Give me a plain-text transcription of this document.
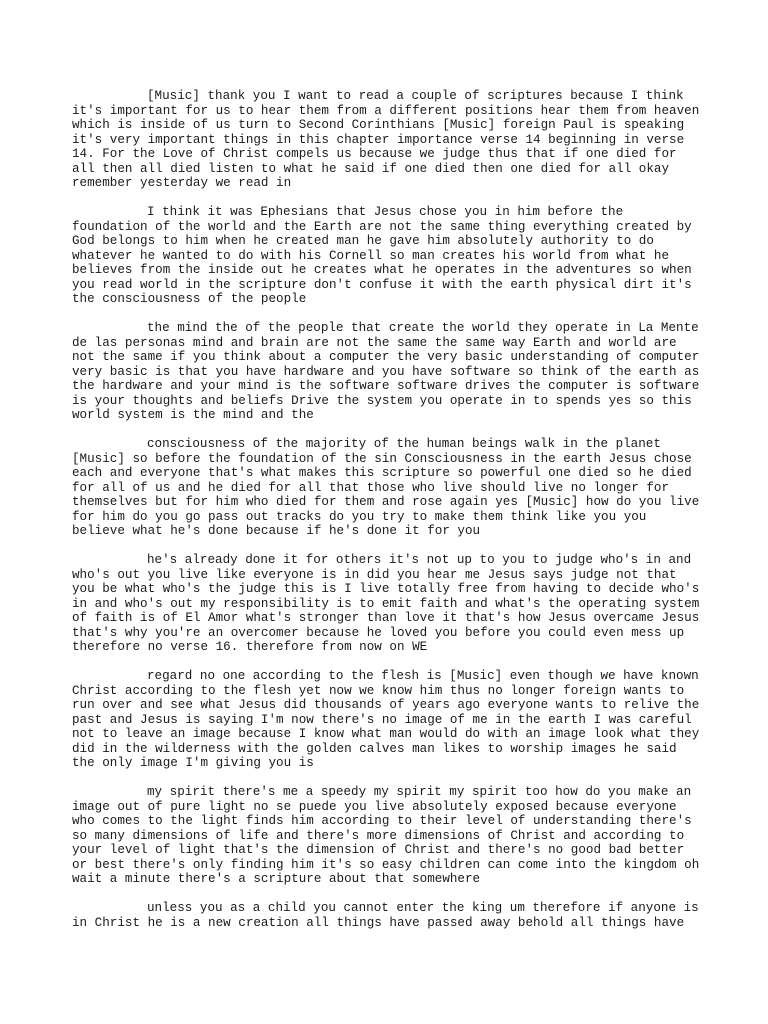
[Music] thank you I want to read a couple of scriptures because I think it's important for us to hear them from a different positions hear them from heaven which is inside of us turn to Second Corinthians [Music] foreign Paul is speaking it's very important things in this chapter importance verse 14 beginning in verse 14. For the Love of Christ compels us because we judge thus that if one died for all then all died listen to what he said if one died then one died for all okay remember yesterday we read in

I think it was Ephesians that Jesus chose you in him before the foundation of the world and the Earth are not the same thing everything created by God belongs to him when he created man he gave him absolutely authority to do whatever he wanted to do with his Cornell so man creates his world from what he believes from the inside out he creates what he operates in the adventures so when you read world in the scripture don't confuse it with the earth physical dirt it's the consciousness of the people

the mind the of the people that create the world they operate in La Mente de las personas mind and brain are not the same the same way Earth and world are not the same if you think about a computer the very basic understanding of computer very basic is that you have hardware and you have software so think of the earth as the hardware and your mind is the software software drives the computer is software is your thoughts and beliefs Drive the system you operate in to spends yes so this world system is the mind and the

consciousness of the majority of the human beings walk in the planet [Music] so before the foundation of the sin Consciousness in the earth Jesus chose each and everyone that's what makes this scripture so powerful one died so he died for all of us and he died for all that those who live should live no longer for themselves but for him who died for them and rose again yes [Music] how do you live for him do you go pass out tracks do you try to make them think like you you believe what he's done because if he's done it for you

he's already done it for others it's not up to you to judge who's in and who's out you live like everyone is in did you hear me Jesus says judge not that you be what who's the judge this is I live totally free from having to decide who's in and who's out my responsibility is to emit faith and what's the operating system of faith is of El Amor what's stronger than love it that's how Jesus overcame Jesus that's why you're an overcomer because he loved you before you could even mess up therefore no verse 16. therefore from now on WE

regard no one according to the flesh is [Music] even though we have known Christ according to the flesh yet now we know him thus no longer foreign wants to run over and see what Jesus did thousands of years ago everyone wants to relive the past and Jesus is saying I'm now there's no image of me in the earth I was careful not to leave an image because I know what man would do with an image look what they did in the wilderness with the golden calves man likes to worship images he said the only image I'm giving you is

my spirit there's me a speedy my spirit my spirit too how do you make an image out of pure light no se puede you live absolutely exposed because everyone who comes to the light finds him according to their level of understanding there's so many dimensions of life and there's more dimensions of Christ and according to your level of light that's the dimension of Christ and there's no good bad better or best there's only finding him it's so easy children can come into the kingdom oh wait a minute there's a scripture about that somewhere

unless you as a child you cannot enter the king um therefore if anyone is in Christ he is a new creation all things have passed away behold all things have
